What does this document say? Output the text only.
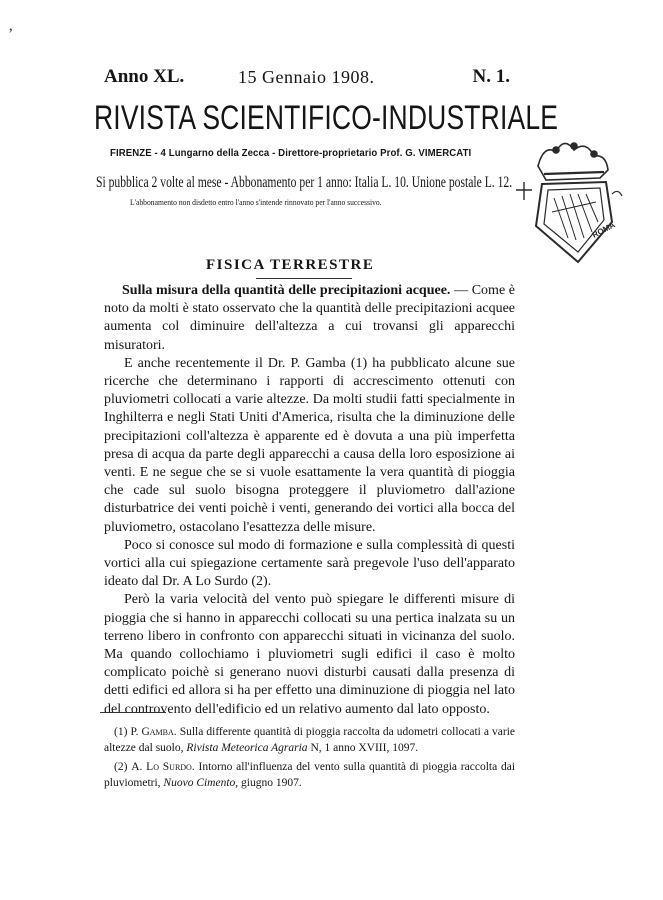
’
Anno XL.	15 Gennaio 1908.	N. 1.
RIVISTA SCIENTIFICO-INDUSTRIALE
FIRENZE - 4 Lungarno della Zecca - Direttore-proprietario Prof. G. VIMERCATI
Si pubblica 2 volte al mese - Abbonamento per 1 anno: Italia L. 10. Unione postale L. 12.
L'abbonamento non disdetto entro l'anno s'intende rinnovato per l'anno successivo.
ROMA
FISICA TERRESTRE

Sulla misura della quantità delle precipitazioni acquee. — Come è noto da molti è stato osservato che la quantità delle precipitazioni acquee aumenta col diminuire dell'altezza a cui trovansi gli apparecchi misuratori.

E anche recentemente il Dr. P. Gamba (1) ha pubblicato alcune sue ricerche che determinano i rapporti di accrescimento ottenuti con pluviometri collocati a varie altezze. Da molti studii fatti specialmente in Inghilterra e negli Stati Uniti d'America, risulta che la diminuzione delle precipitazioni coll'altezza è apparente ed è dovuta a una più imperfetta presa di acqua da parte degli apparecchi a causa della loro esposizione ai venti. E ne segue che se si vuole esattamente la vera quantità di pioggia che cade sul suolo bisogna proteggere il pluviometro dall'azione disturbatrice dei venti poichè i venti, generando dei vortici alla bocca del pluviometro, ostacolano l'esattezza delle misure.

Poco si conosce sul modo di formazione e sulla complessità di questi vortici alla cui spiegazione certamente sarà pregevole l'uso dell'apparato ideato dal Dr. A Lo Surdo (2).

Però la varia velocità del vento può spiegare le differenti misure di pioggia che si hanno in apparecchi collocati su una pertica inalzata su un terreno libero in confronto con apparecchi situati in vicinanza del suolo. Ma quando collochiamo i pluviometri sugli edifici il caso è molto complicato poichè si generano nuovi disturbi causati dalla presenza di detti edifici ed allora si ha per effetto una diminuzione di pioggia nel lato del controvento dell'edificio ed un relativo aumento dal lato opposto.

(1) P. Gamba. Sulla differente quantità di pioggia raccolta da udometri collocati a varie altezze dal suolo, Rivista Meteorica Agraria N, 1 anno XVIII, 1097.

(2) A. Lo Surdo. Intorno all'influenza del vento sulla quantità di pioggia raccolta dai pluviometri, Nuovo Cimento, giugno 1907.
